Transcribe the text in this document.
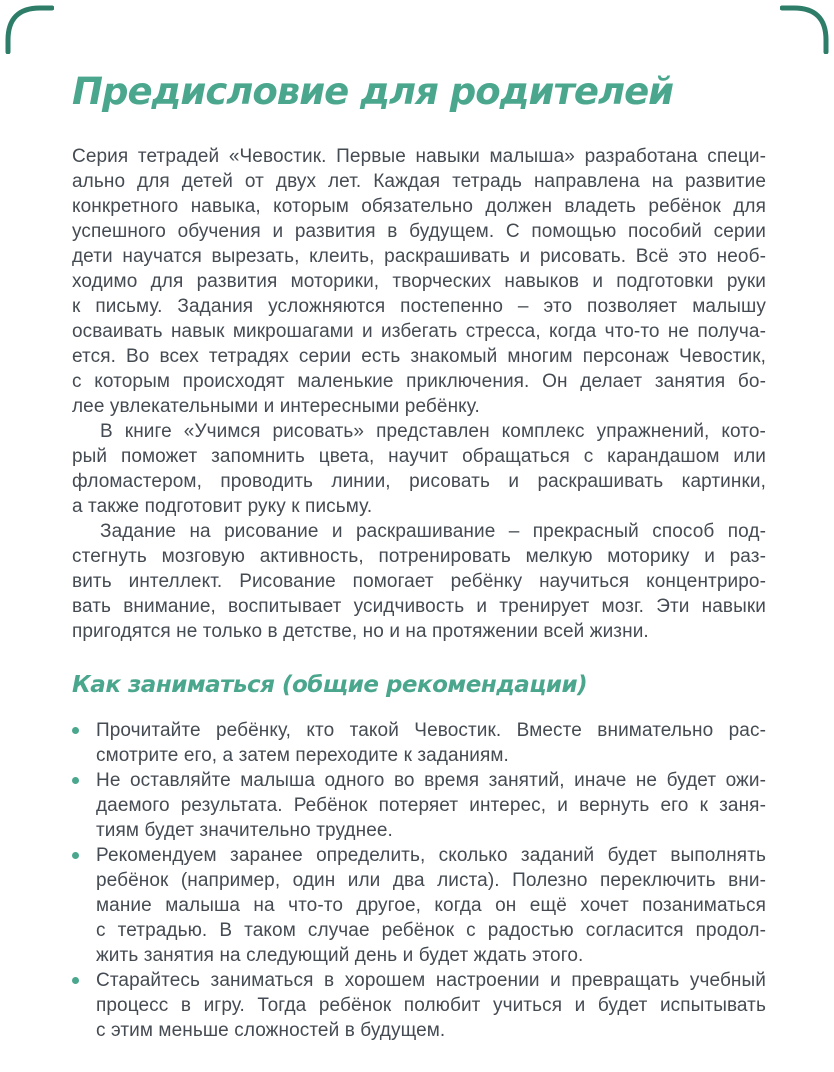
Предисловие для родителей
Серия тетрадей «Чевостик. Первые навыки малыша» разработана специ-
ально для детей от двух лет. Каждая тетрадь направлена на развитие
конкретного навыка, которым обязательно должен владеть ребёнок для
успешного обучения и развития в будущем. С помощью пособий серии
дети научатся вырезать, клеить, раскрашивать и рисовать. Всё это необ-
ходимо для развития моторики, творческих навыков и подготовки руки
к письму. Задания усложняются постепенно – это позволяет малышу
осваивать навык микрошагами и избегать стресса, когда что-то не получа-
ется. Во всех тетрадях серии есть знакомый многим персонаж Чевостик,
с которым происходят маленькие приключения. Он делает занятия бо-
лее увлекательными и интересными ребёнку.
В книге «Учимся рисовать» представлен комплекс упражнений, кото-
рый поможет запомнить цвета, научит обращаться с карандашом или
фломастером, проводить линии, рисовать и раскрашивать картинки,
а также подготовит руку к письму.
Задание на рисование и раскрашивание – прекрасный способ под-
стегнуть мозговую активность, потренировать мелкую моторику и раз-
вить интеллект. Рисование помогает ребёнку научиться концентриро-
вать внимание, воспитывает усидчивость и тренирует мозг. Эти навыки
пригодятся не только в детстве, но и на протяжении всей жизни.
Как заниматься (общие рекомендации)
Прочитайте ребёнку, кто такой Чевостик. Вместе внимательно рас-
смотрите его, а затем переходите к заданиям.
Не оставляйте малыша одного во время занятий, иначе не будет ожи-
даемого результата. Ребёнок потеряет интерес, и вернуть его к заня-
тиям будет значительно труднее.
Рекомендуем заранее определить, сколько заданий будет выполнять
ребёнок (например, один или два листа). Полезно переключить вни-
мание малыша на что-то другое, когда он ещё хочет позаниматься
с тетрадью. В таком случае ребёнок с радостью согласится продол-
жить занятия на следующий день и будет ждать этого.
Старайтесь заниматься в хорошем настроении и превращать учебный
процесс в игру. Тогда ребёнок полюбит учиться и будет испытывать
с этим меньше сложностей в будущем.
